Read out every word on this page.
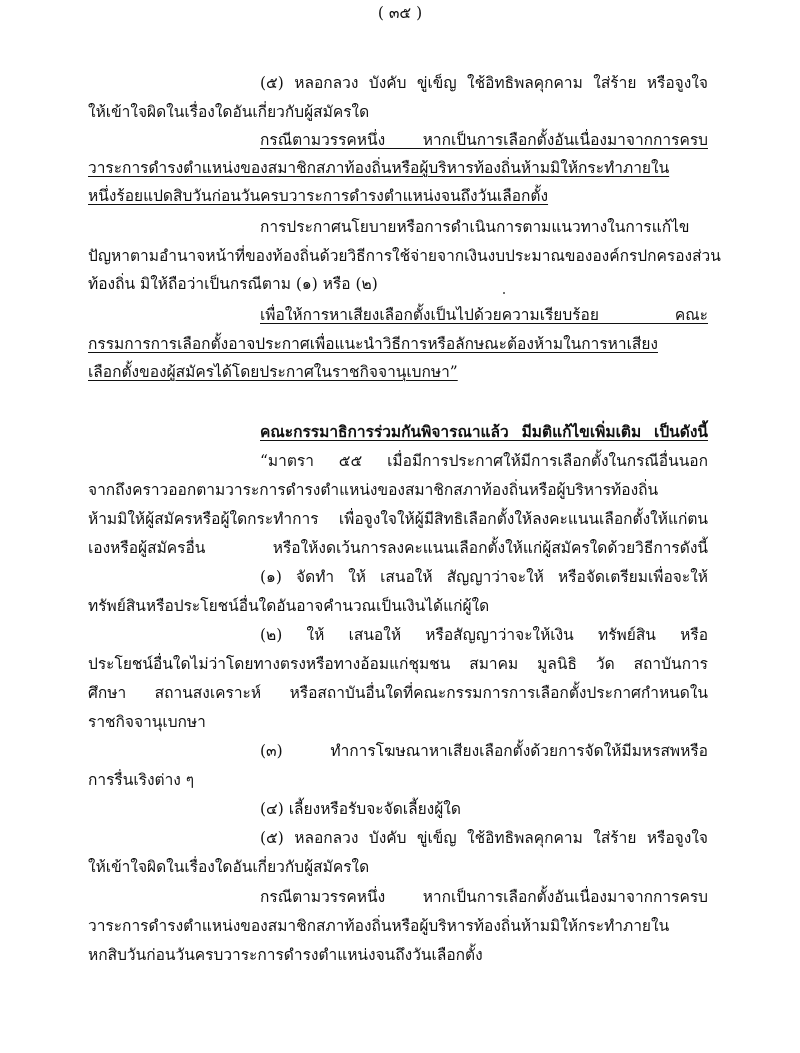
( ๓๕ )
(๕) หลอกลวง บังคับ ขู่เข็ญ ใช้อิทธิพลคุกคาม ใส่ร้าย หรือจูงใจ
ให้เข้าใจผิดในเรื่องใดอันเกี่ยวกับผู้สมัครใด
กรณีตามวรรคหนึ่ง หากเป็นการเลือกตั้งอันเนื่องมาจากการครบ
วาระการดำรงตำแหน่งของสมาชิกสภาท้องถิ่นหรือผู้บริหารท้องถิ่นห้ามมิให้กระทำภายใน
หนึ่งร้อยแปดสิบวันก่อนวันครบวาระการดำรงตำแหน่งจนถึงวันเลือกตั้ง
การประกาศนโยบายหรือการดำเนินการตามแนวทางในการแก้ไข
ปัญหาตามอำนาจหน้าที่ของท้องถิ่นด้วยวิธีการใช้จ่ายจากเงินงบประมาณขององค์กรปกครองส่วน
ท้องถิ่น มิให้ถือว่าเป็นกรณีตาม (๑) หรือ (๒)
เพื่อให้การหาเสียงเลือกตั้งเป็นไปด้วยความเรียบร้อย คณะ
กรรมการการเลือกตั้งอาจประกาศเพื่อแนะนำวิธีการหรือลักษณะต้องห้ามในการหาเสียง
เลือกตั้งของผู้สมัครได้โดยประกาศในราชกิจจานุเบกษา”
คณะกรรมาธิการร่วมกันพิจารณาแล้ว มีมติแก้ไขเพิ่มเติม เป็นดังนี้
“มาตรา ๕๕ เมื่อมีการประกาศให้มีการเลือกตั้งในกรณีอื่นนอก
จากถึงคราวออกตามวาระการดำรงตำแหน่งของสมาชิกสภาท้องถิ่นหรือผู้บริหารท้องถิ่น
ห้ามมิให้ผู้สมัครหรือผู้ใดกระทำการ เพื่อจูงใจให้ผู้มีสิทธิเลือกตั้งให้ลงคะแนนเลือกตั้งให้แก่ตน
เองหรือผู้สมัครอื่น หรือให้งดเว้นการลงคะแนนเลือกตั้งให้แก่ผู้สมัครใดด้วยวิธีการดังนี้
(๑) จัดทำ ให้ เสนอให้ สัญญาว่าจะให้ หรือจัดเตรียมเพื่อจะให้
ทรัพย์สินหรือประโยชน์อื่นใดอันอาจคำนวณเป็นเงินได้แก่ผู้ใด
(๒) ให้ เสนอให้ หรือสัญญาว่าจะให้เงิน ทรัพย์สิน หรือ
ประโยชน์อื่นใดไม่ว่าโดยทางตรงหรือทางอ้อมแก่ชุมชน สมาคม มูลนิธิ วัด สถาบันการ
ศึกษา สถานสงเคราะห์ หรือสถาบันอื่นใดที่คณะกรรมการการเลือกตั้งประกาศกำหนดใน
ราชกิจจานุเบกษา
(๓) ทำการโฆษณาหาเสียงเลือกตั้งด้วยการจัดให้มีมหรสพหรือ
การรื่นเริงต่าง ๆ
(๔) เลี้ยงหรือรับจะจัดเลี้ยงผู้ใด
(๕) หลอกลวง บังคับ ขู่เข็ญ ใช้อิทธิพลคุกคาม ใส่ร้าย หรือจูงใจ
ให้เข้าใจผิดในเรื่องใดอันเกี่ยวกับผู้สมัครใด
กรณีตามวรรคหนึ่ง หากเป็นการเลือกตั้งอันเนื่องมาจากการครบ
วาระการดำรงตำแหน่งของสมาชิกสภาท้องถิ่นหรือผู้บริหารท้องถิ่นห้ามมิให้กระทำภายใน
หกสิบวันก่อนวันครบวาระการดำรงตำแหน่งจนถึงวันเลือกตั้ง
